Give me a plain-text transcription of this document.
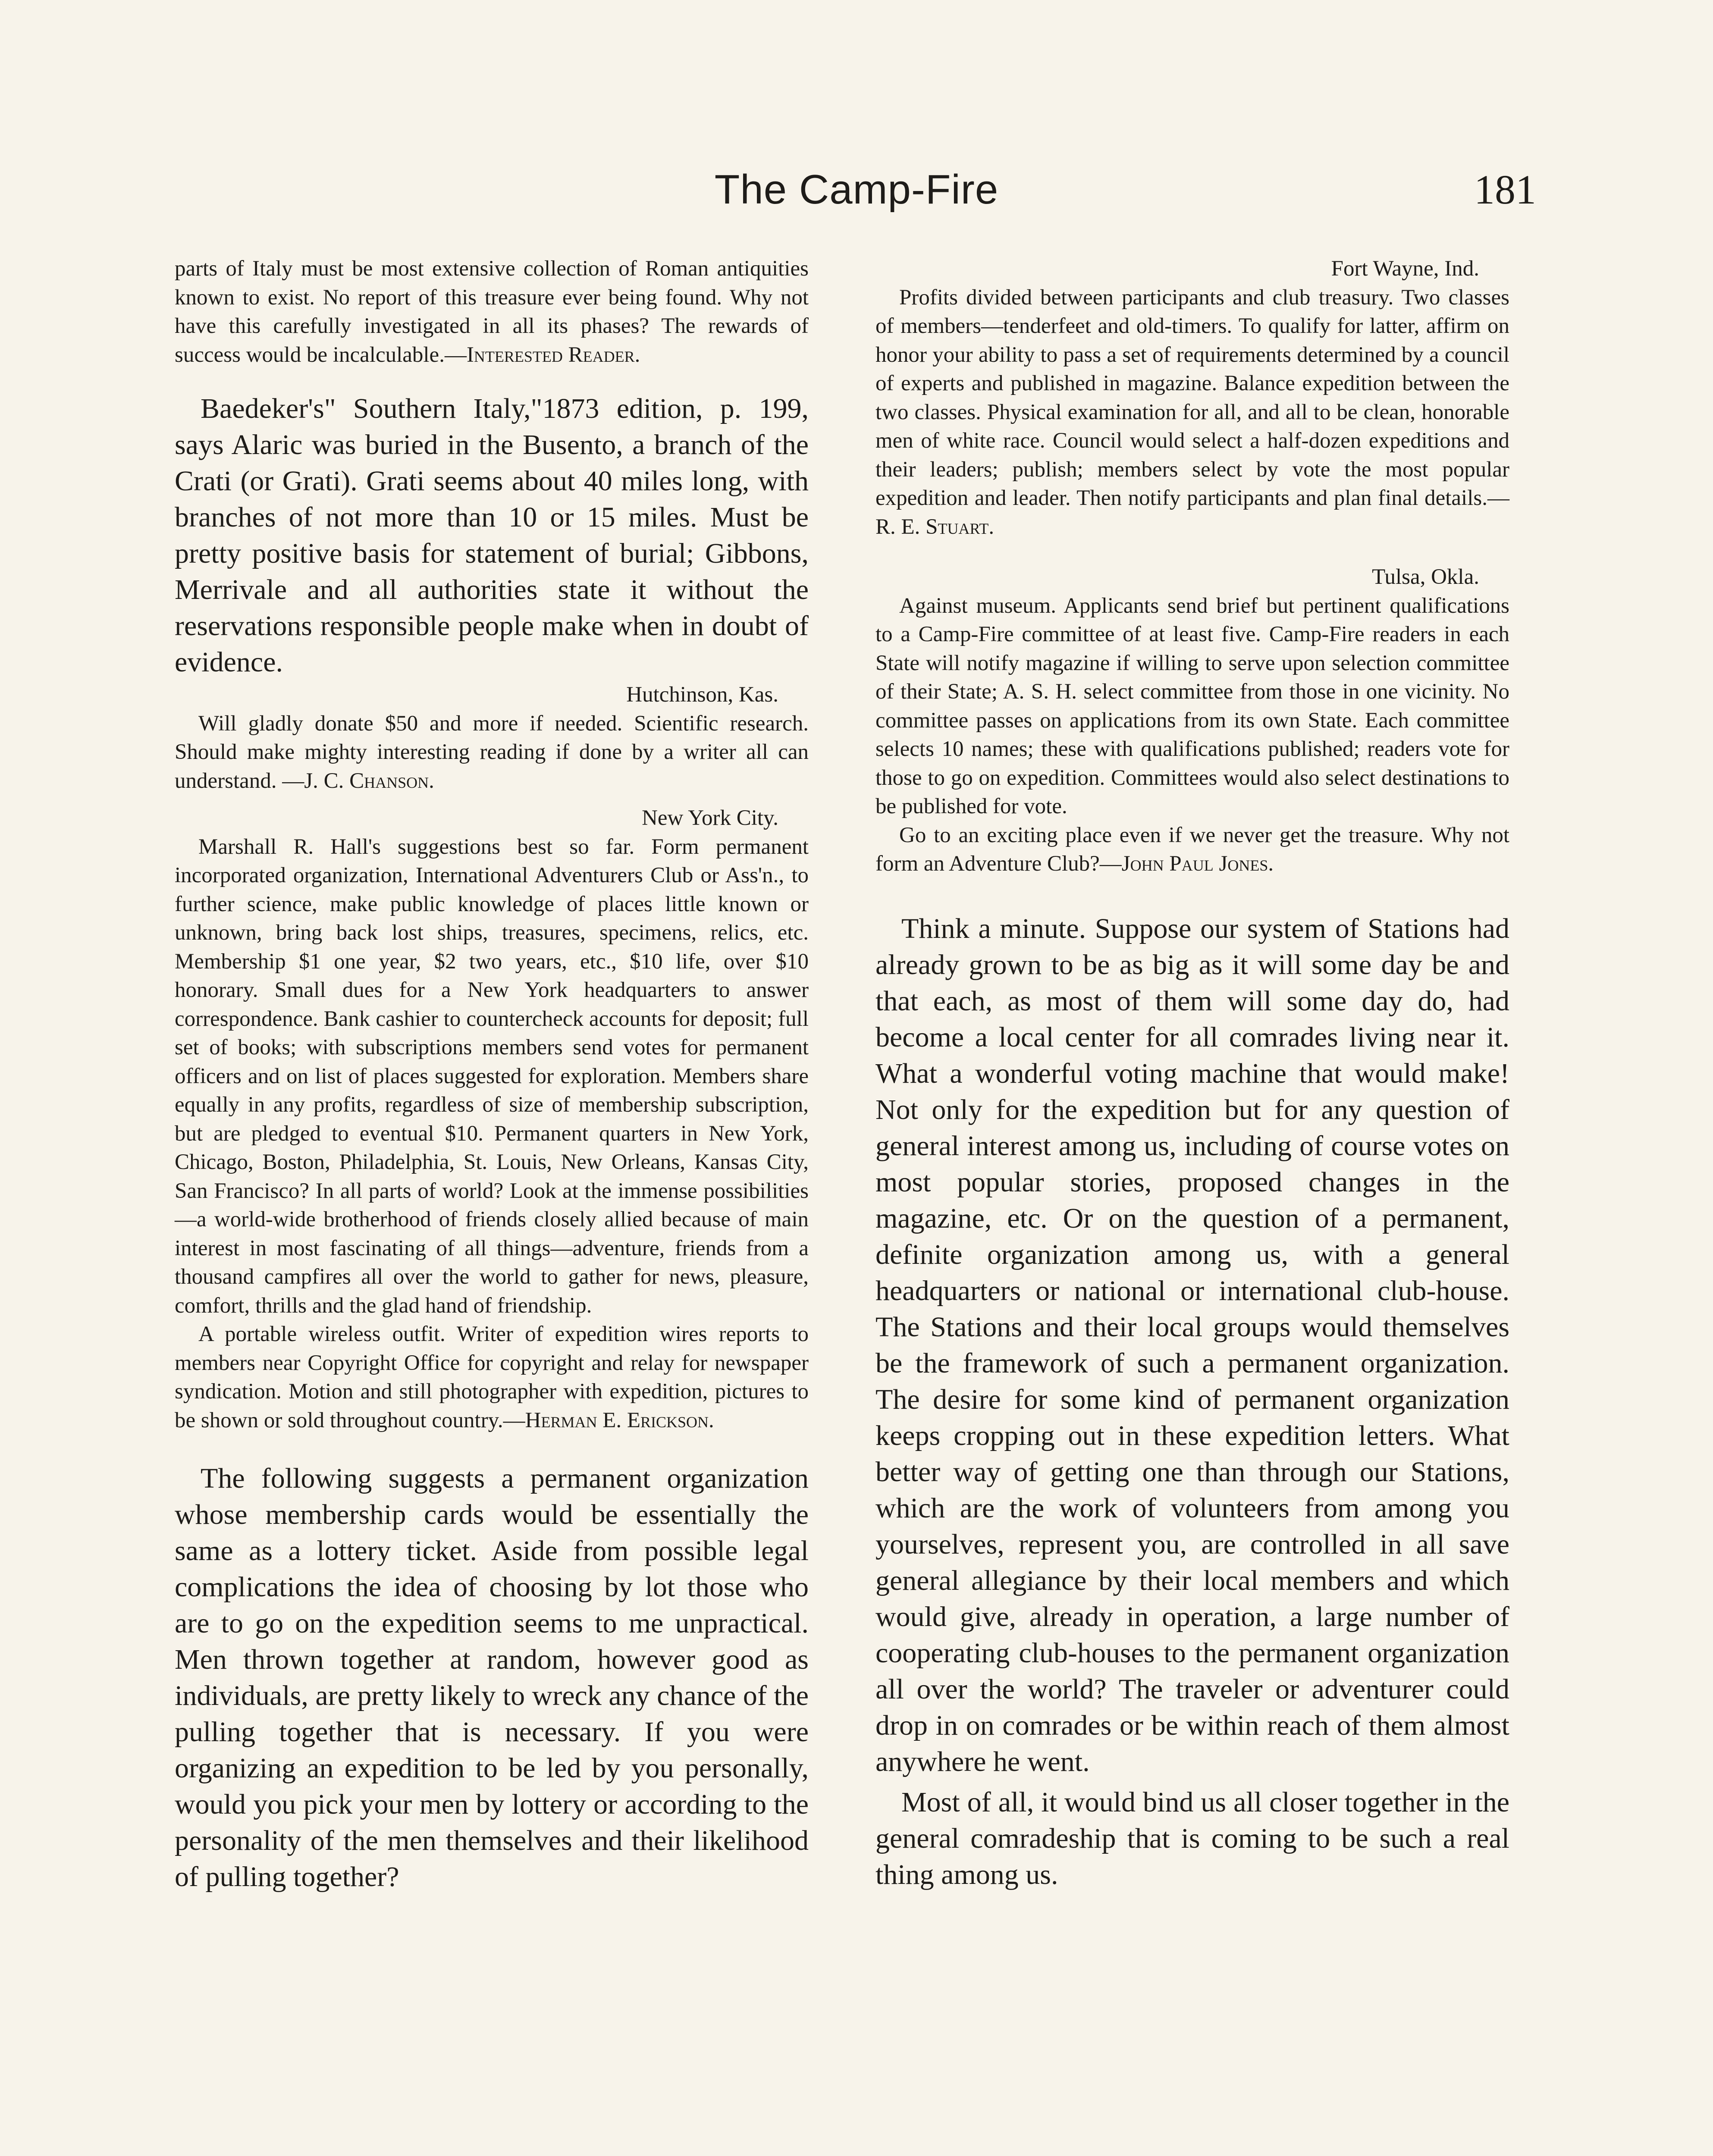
The Camp-Fire	181

parts of Italy must be most extensive collection of Roman antiquities known to exist. No report of this treasure ever being found. Why not have this carefully investigated in all its phases? The rewards of success would be incalculable.—Interested Reader.

Baedeker's" Southern Italy,"1873 edition, p. 199, says Alaric was buried in the Busento, a branch of the Crati (or Grati). Grati seems about 40 miles long, with branches of not more than 10 or 15 miles. Must be pretty positive basis for statement of burial; Gibbons, Merrivale and all authorities state it without the reservations responsible people make when in doubt of evidence.

Hutchinson, Kas.

Will gladly donate $50 and more if needed. Scientific research. Should make mighty interesting reading if done by a writer all can understand. —J. C. Chanson.

New York City.

Marshall R. Hall's suggestions best so far. Form permanent incorporated organization, International Adventurers Club or Ass'n., to further science, make public knowledge of places little known or unknown, bring back lost ships, treasures, specimens, relics, etc. Membership $1 one year, $2 two years, etc., $10 life, over $10 honorary. Small dues for a New York headquarters to answer correspondence. Bank cashier to countercheck accounts for deposit; full set of books; with subscriptions members send votes for permanent officers and on list of places suggested for exploration. Members share equally in any profits, regardless of size of membership subscription, but are pledged to eventual $10. Permanent quarters in New York, Chicago, Boston, Philadelphia, St. Louis, New Orleans, Kansas City, San Francisco? In all parts of world? Look at the immense possibilities—a world-wide brotherhood of friends closely allied because of main interest in most fascinating of all things—adventure, friends from a thousand campfires all over the world to gather for news, pleasure, comfort, thrills and the glad hand of friendship.

A portable wireless outfit. Writer of expedition wires reports to members near Copyright Office for copyright and relay for newspaper syndication. Motion and still photographer with expedition, pictures to be shown or sold throughout country.—Herman E. Erickson.

The following suggests a permanent organization whose membership cards would be essentially the same as a lottery ticket. Aside from possible legal complications the idea of choosing by lot those who are to go on the expedition seems to me unpractical. Men thrown together at random, however good as individuals, are pretty likely to wreck any chance of the pulling together that is necessary. If you were organizing an expedition to be led by you personally, would you pick your men by lottery or according to the personality of the men themselves and their likelihood of pulling together?

Fort Wayne, Ind.

Profits divided between participants and club treasury. Two classes of members—tenderfeet and old-timers. To qualify for latter, affirm on honor your ability to pass a set of requirements determined by a council of experts and published in magazine. Balance expedition between the two classes. Physical examination for all, and all to be clean, honorable men of white race. Council would select a half-dozen expeditions and their leaders; publish; members select by vote the most popular expedition and leader. Then notify participants and plan final details.—R. E. Stuart.

Tulsa, Okla.

Against museum. Applicants send brief but pertinent qualifications to a Camp-Fire committee of at least five. Camp-Fire readers in each State will notify magazine if willing to serve upon selection committee of their State; A. S. H. select committee from those in one vicinity. No committee passes on applications from its own State. Each committee selects 10 names; these with qualifications published; readers vote for those to go on expedition. Committees would also select destinations to be published for vote.

Go to an exciting place even if we never get the treasure. Why not form an Adventure Club?—John Paul Jones.

Think a minute. Suppose our system of Stations had already grown to be as big as it will some day be and that each, as most of them will some day do, had become a local center for all comrades living near it. What a wonderful voting machine that would make! Not only for the expedition but for any question of general interest among us, including of course votes on most popular stories, proposed changes in the magazine, etc. Or on the question of a permanent, definite organization among us, with a general headquarters or national or international club-house. The Stations and their local groups would themselves be the framework of such a permanent organization. The desire for some kind of permanent organization keeps cropping out in these expedition letters. What better way of getting one than through our Stations, which are the work of volunteers from among you yourselves, represent you, are controlled in all save general allegiance by their local members and which would give, already in operation, a large number of cooperating club-houses to the permanent organization all over the world? The traveler or adventurer could drop in on comrades or be within reach of them almost anywhere he went.

Most of all, it would bind us all closer together in the general comradeship that is coming to be such a real thing among us.
